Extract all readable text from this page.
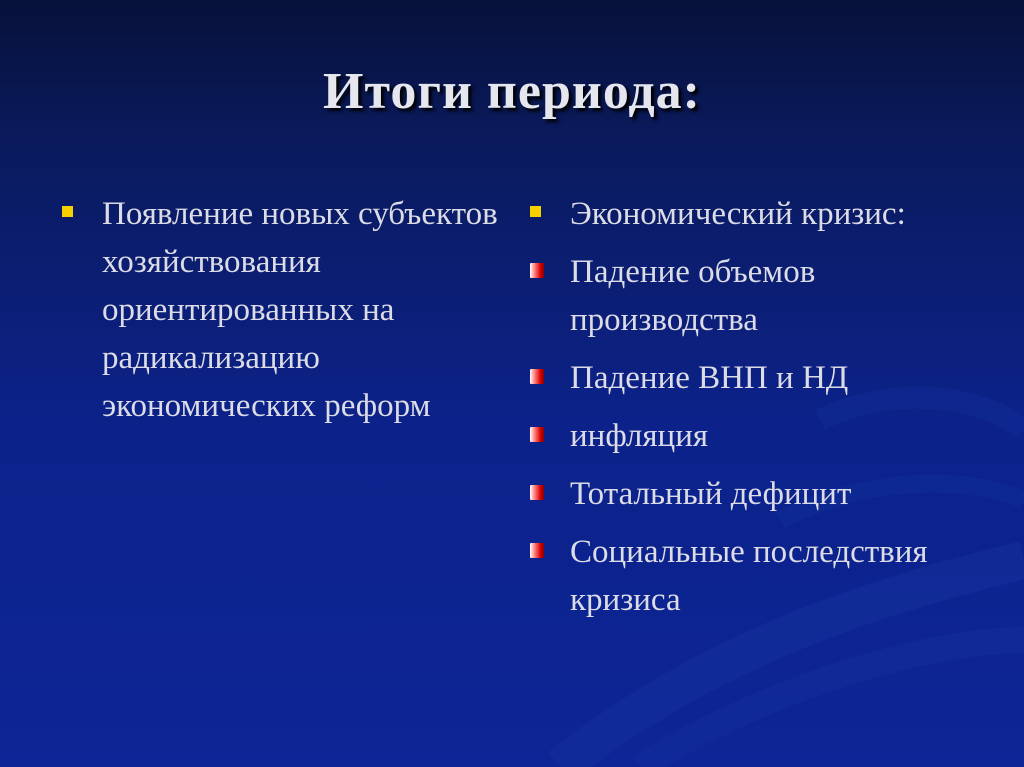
Итоги периода:
Появление новых субъектов хозяйствования ориентированных на радикализацию экономических реформ
Экономический кризис:
Падение объемов производства
Падение ВНП и НД
инфляция
Тотальный дефицит
Социальные последствия кризиса
